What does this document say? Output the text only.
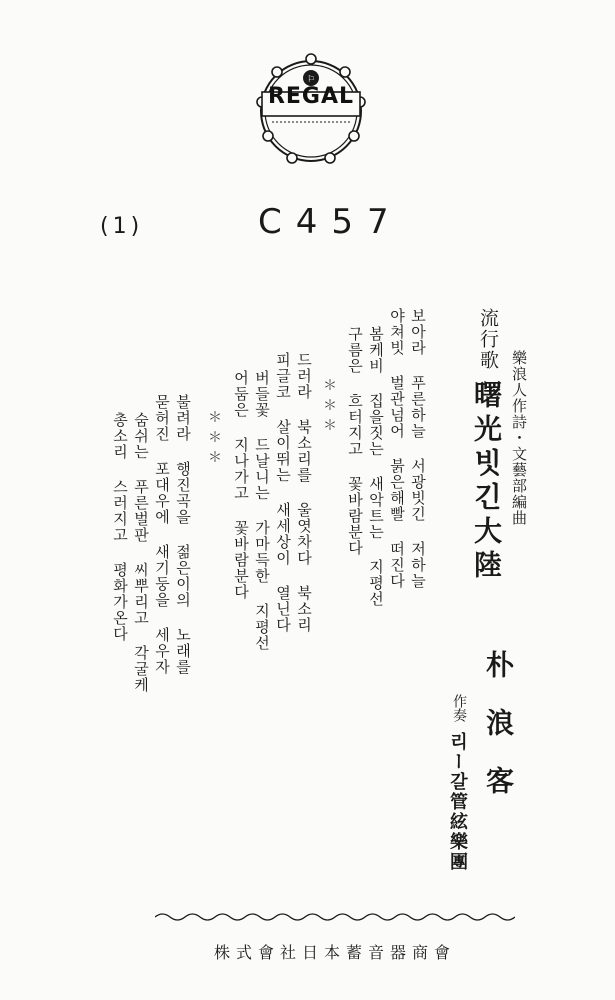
⚐
REGAL
(1)	C457
樂浪人作詩・文藝部編曲
流行歌
曙光빗긴大陸
朴浪客
作奏
리ー갈管絃樂團
보아라 푸른하늘 서광빗긴 저하늘
야쳐빗 벌관넘어 붉은해빨 떠진다
봄케비 집을짓는 새악트는 지평선
구름은 흐터지고 꽃바람분다
＊＊＊
드러라 북소리를 울엿차다 북소리
피글코 살이뛰는 새세상이 열닌다
버들꽃 드날니는 가마득한 지평선
어둠은 지나가고 꽃바람분다
＊＊＊
불려라 행진곡을 젊은이의 노래를
묻허진 포대우에 새기둥을 세우자
숨쉬는 푸른벌판 씨뿌리고 각굴케
총소리 스러지고 평화가온다
株式會社日本蓄音器商會
